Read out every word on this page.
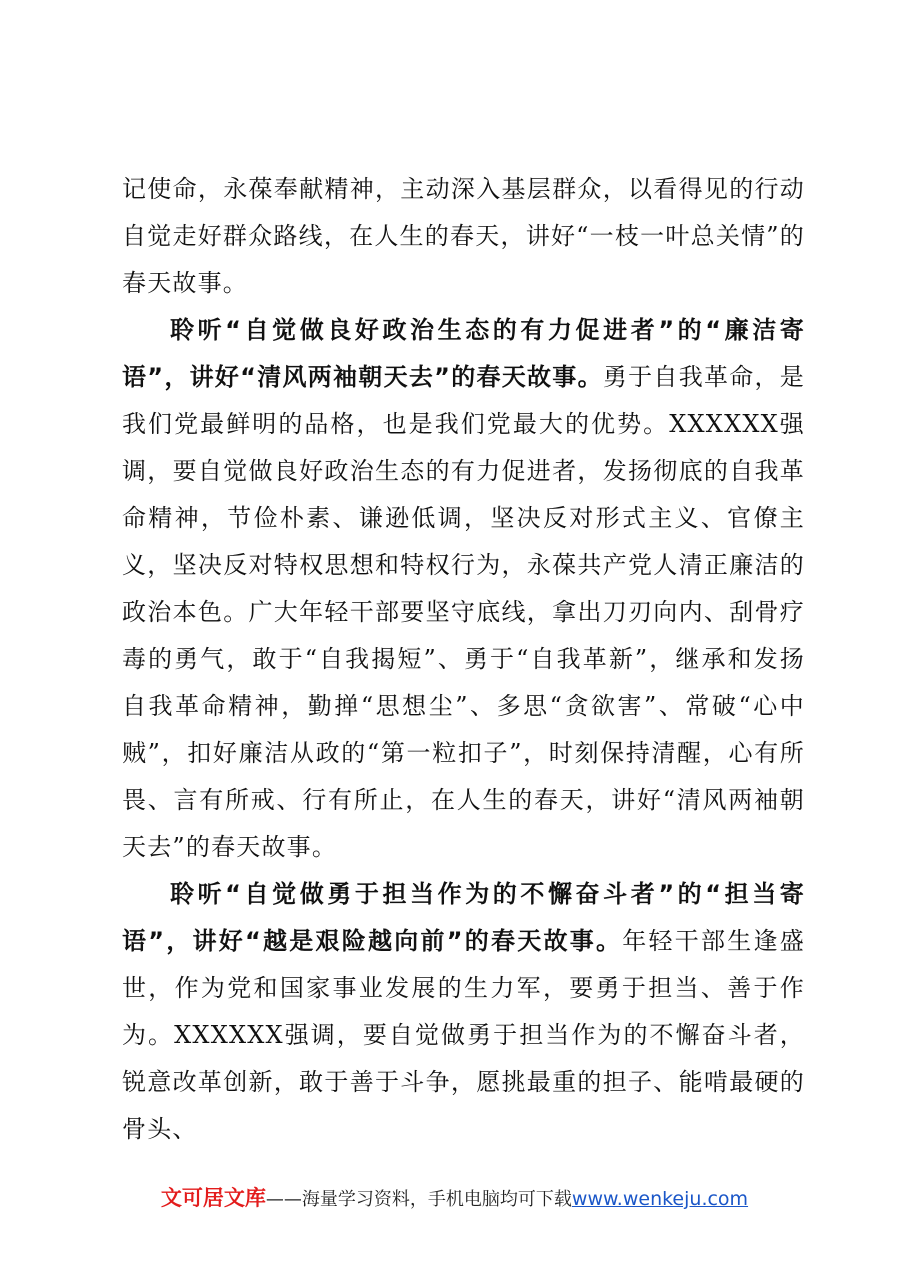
记使命，永葆奉献精神，主动深入基层群众，以看得见的行动自觉走好群众路线，在人生的春天，讲好“一枝一叶总关情”的春天故事。

聆听“自觉做良好政治生态的有力促进者”的“廉洁寄语”，讲好“清风两袖朝天去”的春天故事。勇于自我革命，是我们党最鲜明的品格，也是我们党最大的优势。XXXXXX强调，要自觉做良好政治生态的有力促进者，发扬彻底的自我革命精神，节俭朴素、谦逊低调，坚决反对形式主义、官僚主义，坚决反对特权思想和特权行为，永葆共产党人清正廉洁的政治本色。广大年轻干部要坚守底线，拿出刀刃向内、刮骨疗毒的勇气，敢于“自我揭短”、勇于“自我革新”，继承和发扬自我革命精神，勤掸“思想尘”、多思“贪欲害”、常破“心中贼”，扣好廉洁从政的“第一粒扣子”，时刻保持清醒，心有所畏、言有所戒、行有所止，在人生的春天，讲好“清风两袖朝天去”的春天故事。

聆听“自觉做勇于担当作为的不懈奋斗者”的“担当寄语”，讲好“越是艰险越向前”的春天故事。年轻干部生逢盛世，作为党和国家事业发展的生力军，要勇于担当、善于作为。XXXXXX强调，要自觉做勇于担当作为的不懈奋斗者，锐意改革创新，敢于善于斗争，愿挑最重的担子、能啃最硬的骨头、

文可居文库——海量学习资料，手机电脑均可下载www.wenkeju.com
